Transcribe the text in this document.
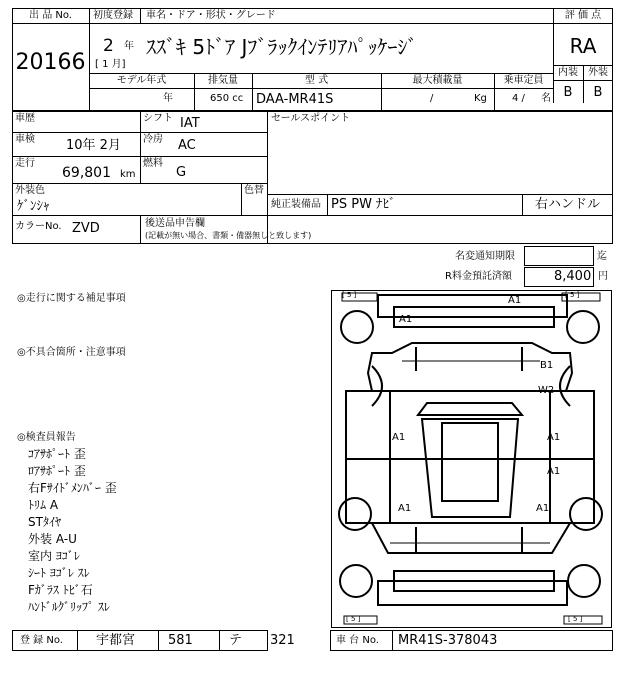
出 品 No.
20166
初度登録 車名・ドア・形状・グレード
2 年
[ 1 月]
ｽｽﾞｷ 5ﾄﾞｱ Jﾌﾞﾗｯｸｲﾝﾃﾘｱﾊﾟｯｹｰｼﾞ
評 価 点
RA
内装	外装
B	B
モデル年式	排気量	型 式	最大積載量	乗車定員
年	650 cc DAA-MR41S	/	Kg	4 / 名
車歴	シフト IAT	セールスポイント
車検 10年 2月 冷房 AC
走行
69,801 km
燃料
G
外装色
ｹﾞﾝｼｬ
色替
純正装備品 PS PW ﾅﾋﾞ	右ハンドル
カラーNo. ZVD	後送品申告欄
(記載が無い場合、書類・備器無しと致します)
名変通知期限	迄
R料金預託済額	8,400 円
◎走行に関する補足事項
◎不具合箇所・注意事項
◎検査員報告
ｺｱｻﾎﾟｰﾄ 歪
ﾛｱｻﾎﾟｰﾄ 歪
右Fｻｲﾄﾞﾒﾝﾊﾞｰ 歪
ﾄﾘﾑ A
STﾀｲﾔ
外装 A-U
室内 ﾖｺﾞﾚ
ｼｰﾄ ﾖｺﾞﾚ ｽﾚ
Fｶﾞﾗｽ ﾄﾋﾞ石
ﾊﾝﾄﾞﾙｸﾞﾘｯﾌﾟ ｽﾚ
[ 5 ]	[ 5 ]
[ 5 ]	[ 5 ]
A1
A1
B1
W2
A1	A1
A1
A1	A1
登 録 No.	宇都宮	581	テ 321	車 台 No. MR41S-378043
